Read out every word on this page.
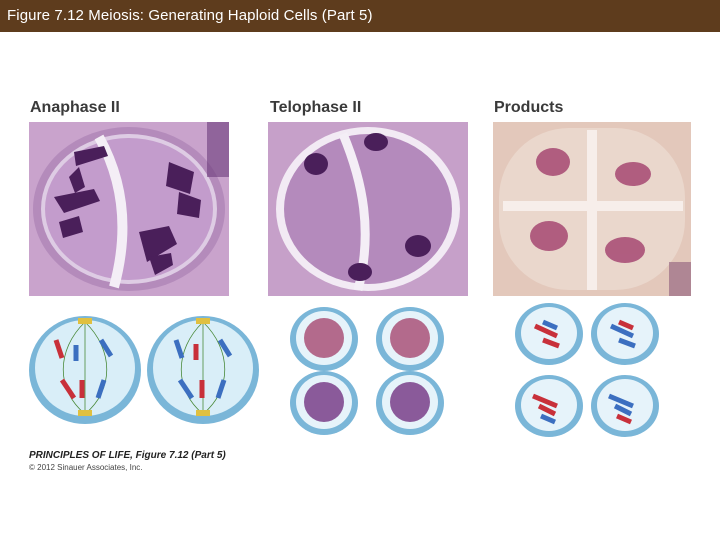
Figure 7.12 Meiosis: Generating Haploid Cells (Part 5)
Anaphase II	Telophase II	Products
PRINCIPLES OF LIFE, Figure 7.12 (Part 5)
© 2012 Sinauer Associates, Inc.
